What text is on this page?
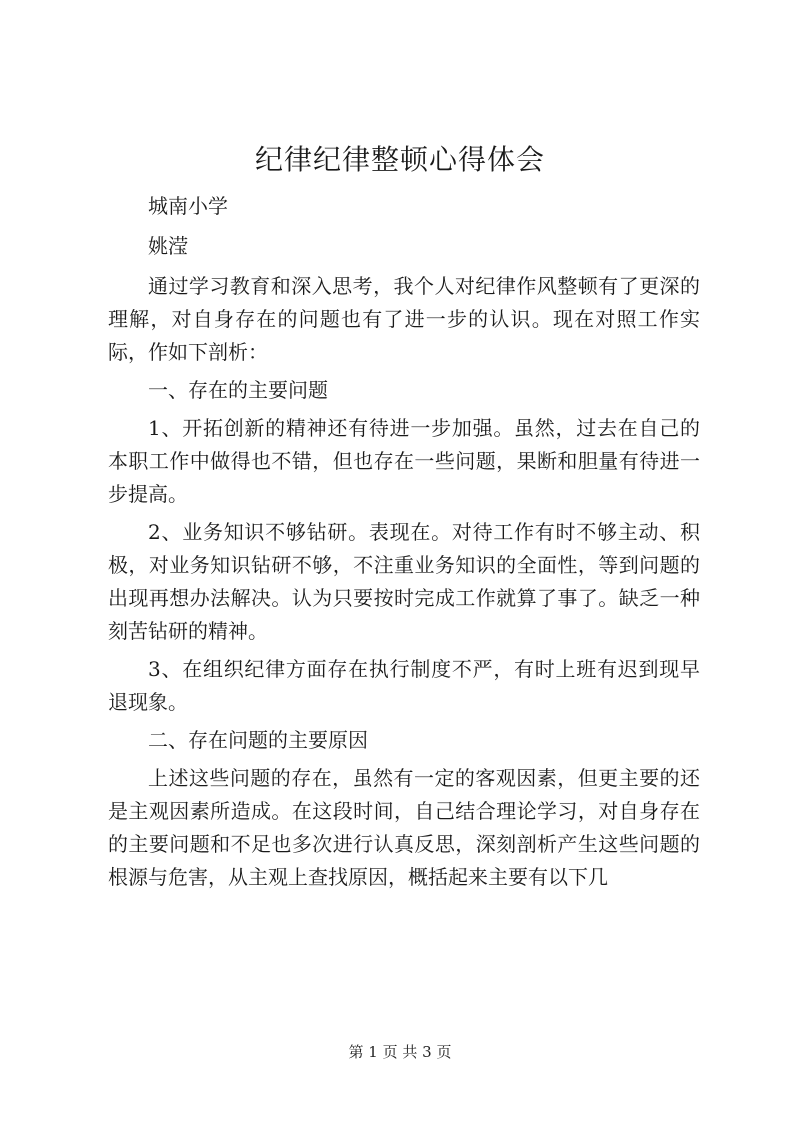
纪律纪律整顿心得体会

城南小学

姚滢

通过学习教育和深入思考，我个人对纪律作风整顿有了更深的理解，对自身存在的问题也有了进一步的认识。现在对照工作实际，作如下剖析：

一、存在的主要问题

1、开拓创新的精神还有待进一步加强。虽然，过去在自己的本职工作中做得也不错，但也存在一些问题，果断和胆量有待进一步提高。

2、业务知识不够钻研。表现在。对待工作有时不够主动、积极，对业务知识钻研不够，不注重业务知识的全面性，等到问题的出现再想办法解决。认为只要按时完成工作就算了事了。缺乏一种刻苦钻研的精神。

3、在组织纪律方面存在执行制度不严，有时上班有迟到现早退现象。

二、存在问题的主要原因

上述这些问题的存在，虽然有一定的客观因素，但更主要的还是主观因素所造成。在这段时间，自己结合理论学习，对自身存在的主要问题和不足也多次进行认真反思，深刻剖析产生这些问题的根源与危害，从主观上查找原因，概括起来主要有以下几

第 1 页 共 3 页
